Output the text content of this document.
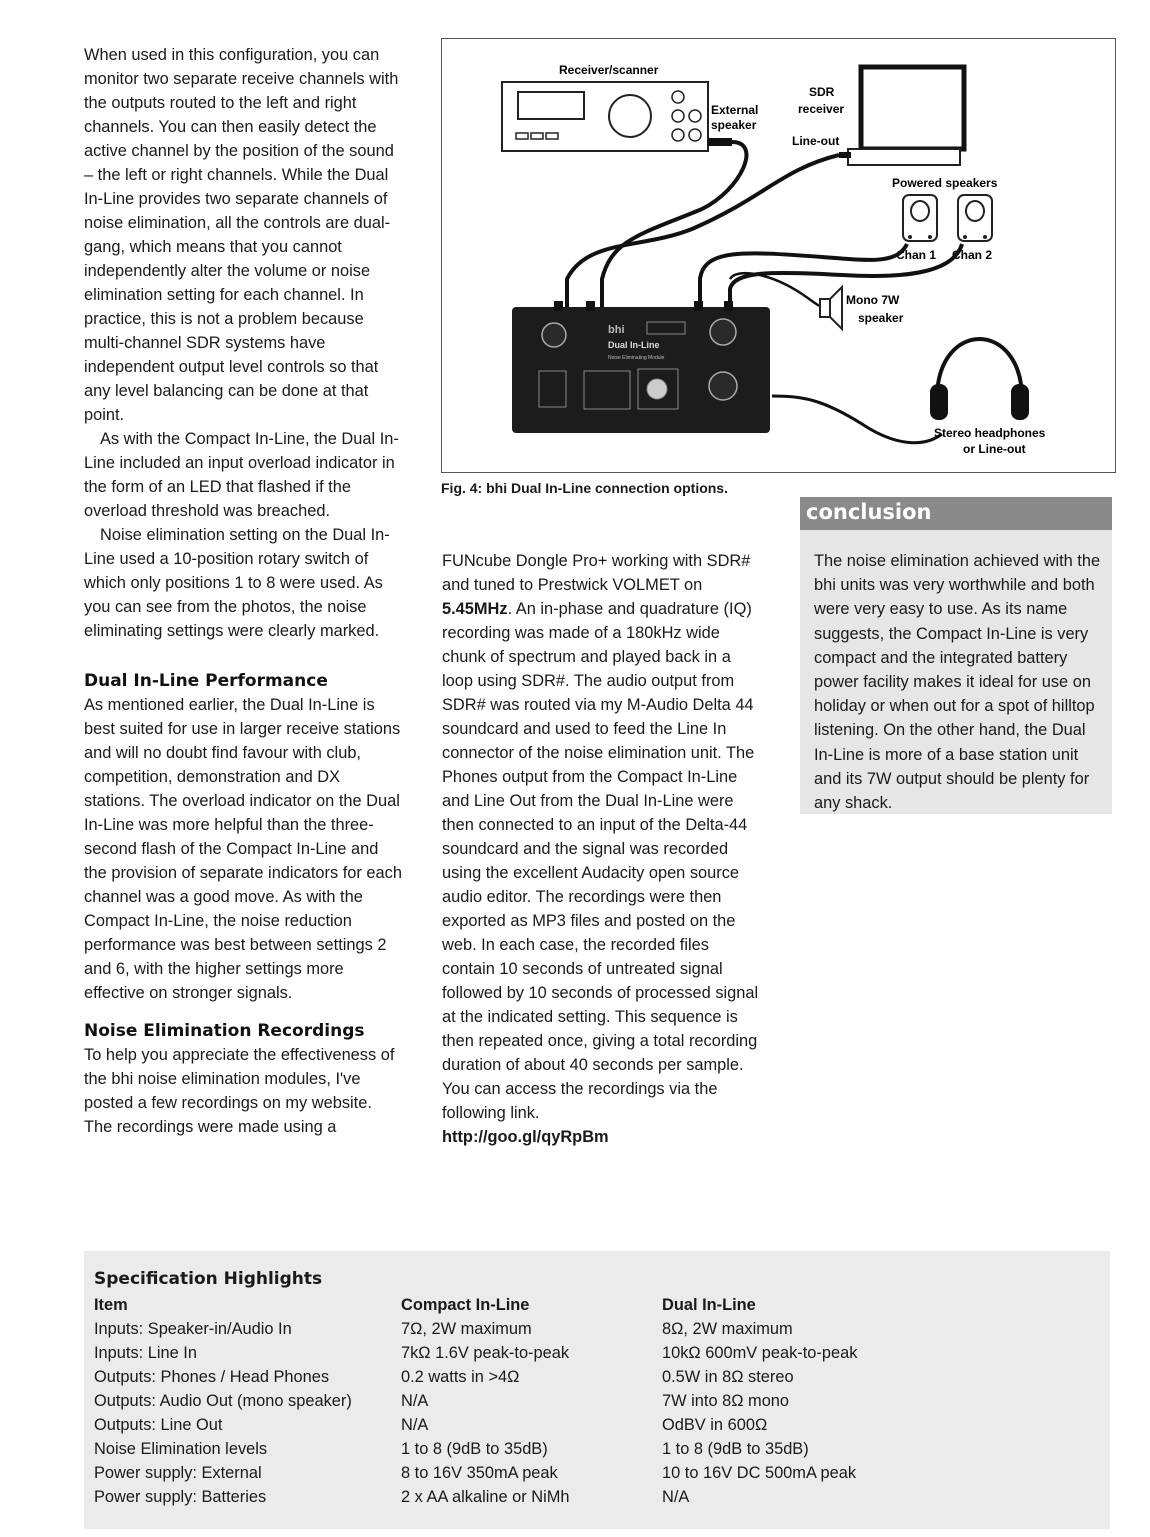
When used in this configuration, you can monitor two separate receive channels with the outputs routed to the left and right channels. You can then easily detect the active channel by the position of the sound – the left or right channels. While the Dual In-Line provides two separate channels of noise elimination, all the controls are dual-gang, which means that you cannot independently alter the volume or noise elimination setting for each channel. In practice, this is not a problem because multi-channel SDR systems have independent output level controls so that any level balancing can be done at that point.

As with the Compact In-Line, the Dual In-Line included an input overload indicator in the form of an LED that flashed if the overload threshold was breached.

Noise elimination setting on the Dual In-Line used a 10-position rotary switch of which only positions 1 to 8 were used. As you can see from the photos, the noise eliminating settings were clearly marked.

Dual In-Line Performance

As mentioned earlier, the Dual In-Line is best suited for use in larger receive stations and will no doubt find favour with club, competition, demonstration and DX stations. The overload indicator on the Dual In-Line was more helpful than the three-second flash of the Compact In-Line and the provision of separate indicators for each channel was a good move. As with the Compact In-Line, the noise reduction performance was best between settings 2 and 6, with the higher settings more effective on stronger signals.

Noise Elimination Recordings

To help you appreciate the effectiveness of the bhi noise elimination modules, I've posted a few recordings on my website. The recordings were made using a

Receiver/scanner
External
speaker
SDR
receiver
Line-out
Powered speakers
Chan 1 Chan 2
Mono 7W
speaker
Stereo headphones
or Line-out
bhi
Dual In-Line
Noise Eliminating Module
Fig. 4: bhi Dual In-Line connection options.
conclusion

The noise elimination achieved with the bhi units was very worthwhile and both were very easy to use. As its name suggests, the Compact In-Line is very compact and the integrated battery power facility makes it ideal for use on holiday or when out for a spot of hilltop listening. On the other hand, the Dual In-Line is more of a base station unit and its 7W output should be plenty for any shack.

FUNcube Dongle Pro+ working with SDR# and tuned to Prestwick VOLMET on 5.45MHz. An in-phase and quadrature (IQ) recording was made of a 180kHz wide chunk of spectrum and played back in a loop using SDR#. The audio output from SDR# was routed via my M-Audio Delta 44 soundcard and used to feed the Line In connector of the noise elimination unit. The Phones output from the Compact In-Line and Line Out from the Dual In-Line were then connected to an input of the Delta-44 soundcard and the signal was recorded using the excellent Audacity open source audio editor. The recordings were then exported as MP3 files and posted on the web. In each case, the recorded files contain 10 seconds of untreated signal followed by 10 seconds of processed signal at the indicated setting. This sequence is then repeated once, giving a total recording duration of about 40 seconds per sample. You can access the recordings via the following link.

http://goo.gl/qyRpBm

Specification Highlights
Item
Inputs: Speaker-in/Audio In
Inputs: Line In
Outputs: Phones / Head Phones
Outputs: Audio Out (mono speaker)
Outputs: Line Out
Noise Elimination levels
Power supply: External
Power supply: Batteries
Compact In-Line
7Ω, 2W maximum
7kΩ 1.6V peak-to-peak
0.2 watts in >4Ω
N/A
N/A
1 to 8 (9dB to 35dB)
8 to 16V 350mA peak
2 x AA alkaline or NiMh
Dual In-Line
8Ω, 2W maximum
10kΩ 600mV peak-to-peak
0.5W in 8Ω stereo
7W into 8Ω mono
OdBV in 600Ω
1 to 8 (9dB to 35dB)
10 to 16V DC 500mA peak
N/A
